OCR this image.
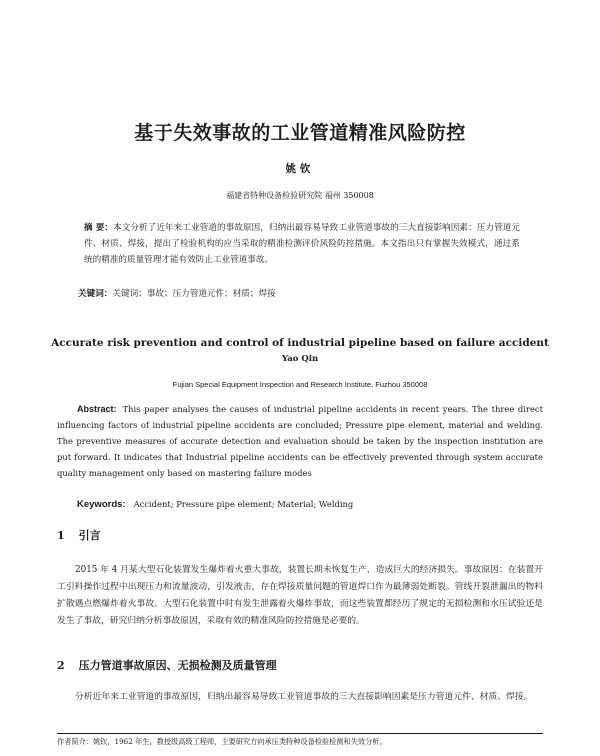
基于失效事故的工业管道精准风险防控
姚钦
福建省特种设备检验研究院 福州 350008
摘 要：本文分析了近年来工业管道的事故原因，归纳出最容易导致工业管道事故的三大直接影响因素：压力管道元件、材质、焊接，提出了检验机构的应当采取的精准检测评价风险防控措施。本文指出只有掌握失效模式，通过系统的精准的质量管理才能有效防止工业管道事故。
关键词：关键词；事故；压力管道元件；材质；焊接
Accurate risk prevention and control of industrial pipeline based on failure accident
Yao Qin
Fujian Special Equipment Inspection and Research Institute, Fuzhou 350008
Abstract: This paper analyses the causes of industrial pipeline accidents in recent years. The three direct influencing factors of industrial pipeline accidents are concluded; Pressure pipe element, material and welding. The preventive measures of accurate detection and evaluation should be taken by the inspection institution are put forward. It indicates that Industrial pipeline accidents can be effectively prevented through system accurate quality management only based on mastering failure modes
Keywords: Accident; Pressure pipe element; Material; Welding
1 引言
2015 年 4 月某大型石化装置发生爆炸着火重大事故，装置长期未恢复生产，造成巨大的经济损失。事故原因：在装置开工引料操作过程中出现压力和流量波动，引发液击，存在焊接质量问题的管道焊口作为最薄弱处断裂。管线开裂泄漏出的物料扩散遇点燃爆炸着火事故。大型石化装置中时有发生泄露着火爆炸事故，而这些装置都经历了规定的无损检测和水压试验还是发生了事故，研究归纳分析事故原因，采取有效的精准风险防控措施是必要的。
2 压力管道事故原因、无损检测及质量管理
分析近年来工业管道的事故原因，归纳出最容易导致工业管道事故的三大直接影响因素是压力管道元件、材质、焊接。
作者简介：姚钦，1962 年生，教授级高级工程师，主要研究方向承压类特种设备检验检测和失效分析。
